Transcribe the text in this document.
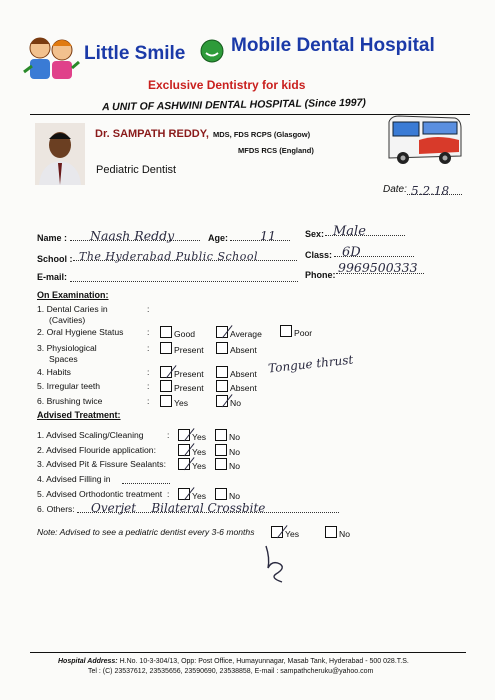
Little Smile Mobile Dental Hospital
Exclusive Dentistry for kids
A UNIT OF ASHWINI DENTAL HOSPITAL (Since 1997)
Dr. SAMPATH REDDY, MDS, FDS RCPS (Glasgow)
MFDS RCS (England)
Pediatric Dentist
Date: 5.2.18
Name :	Naash Reddy	Age:	11	Sex: Male
School : The Hyderabad Public School	Class: 6D
E-mail:	Phone: 9969500333
On Examination:
1. Dental Caries in
(Cavities)
:
2. Oral Hygiene Status	:	Good	Average	Poor
3. Physiological
Spaces
:	Present	Absent
4. Habits	:	Present	Absent Tongue thrust
5. Irregular teeth	:	Present	Absent
6. Brushing twice	:	Yes	No
Advised Treatment:
1. Advised Scaling/Cleaning	:	Yes	No
2. Advised Flouride application:	Yes	No
3. Advised Pit & Fissure Sealants:	Yes	No
4. Advised Filling in
5. Advised Orthodontic treatment :	Yes	No
6. Others:	Overjet    Bilateral Crossbite
Note: Advised to see a pediatric dentist every 3-6 months	Yes	No
Hospital Address: H.No. 10-3-304/13, Opp: Post Office, Humayunnagar, Masab Tank, Hyderabad - 500 028.T.S.
Tel : (C) 23537612, 23535656, 23590690, 23538858, E-mail : sampathcheruku@yahoo.com
